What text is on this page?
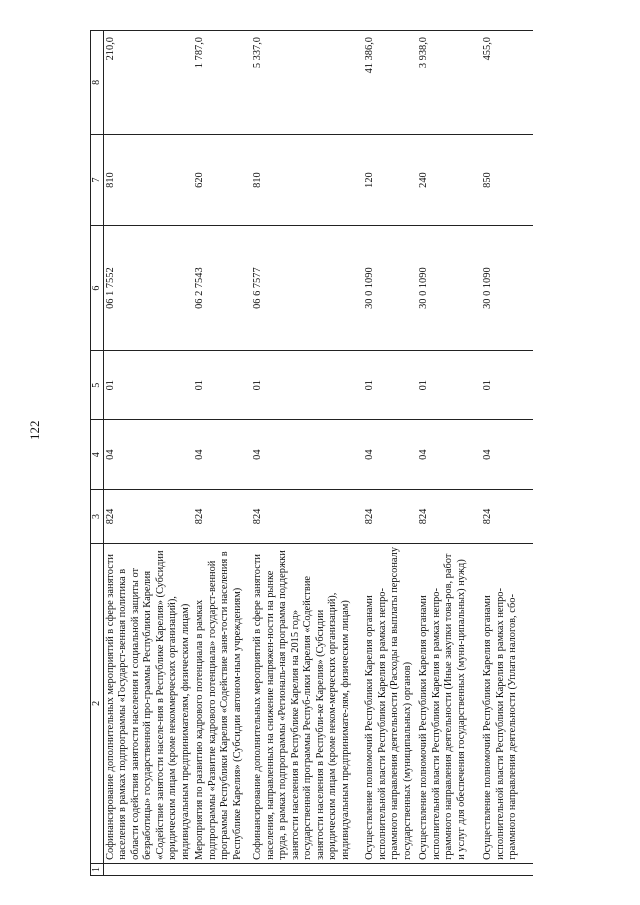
122
1	2	3	4	5	6	7	8
	Софинансирование дополнительных мероприятий в сфере занятости населения в рамках подпрограммы «Государст-венная политика в области содействия занятости населения и социальной защиты от безработицы» государственной про-граммы Республики Карелия «Содействие занятости населе-ния в Республике Карелия» (Субсидии юридическим лицам (кроме некоммерческих организаций), индивидуальным предпринимателям, физическим лицам)	824	04	01	06 1 7552	810	210,0
	Мероприятия по развитию кадрового потенциала в рамках подпрограммы «Развитие кадрового потенциала» государст-венной программы Республики Карелия «Содействие заня-тости населения в Республике Карелия» (Субсидии автоном-ным учреждениям)	824	04	01	06 2 7543	620	1 787,0
	Софинансирование дополнительных мероприятий в сфере занятости населения, направленных на снижение напряжен-ности на рынке труда, в рамках подпрограммы «Региональ-ная программа поддержки занятости населения в Республике Карелия на 2015 год» государственной программы Респуб-лики Карелия «Содействие занятости населения в Республи-ке Карелия» (Субсидии юридическим лицам (кроме неком-мерческих организаций), индивидуальным предпринимате-лям, физическим лицам)	824	04	01	06 6 7577	810	5 337,0
	Осуществление полномочий Республики Карелия органами исполнительной власти Республики Карелия в рамках непро-граммного направления деятельности (Расходы на выплаты персоналу государственных (муниципальных) органов)	824	04	01	30 0 1090	120	41 386,0
	Осуществление полномочий Республики Карелия органами исполнительной власти Республики Карелия в рамках непро-граммного направления деятельности (Иные закупки това-ров, работ и услуг для обеспечения государственных (муни-ципальных) нужд)	824	04	01	30 0 1090	240	3 938,0
	Осуществление полномочий Республики Карелия органами исполнительной власти Республики Карелия в рамках непро-граммного направления деятельности (Уплата налогов, сбо-	824	04	01	30 0 1090	850	455,0
